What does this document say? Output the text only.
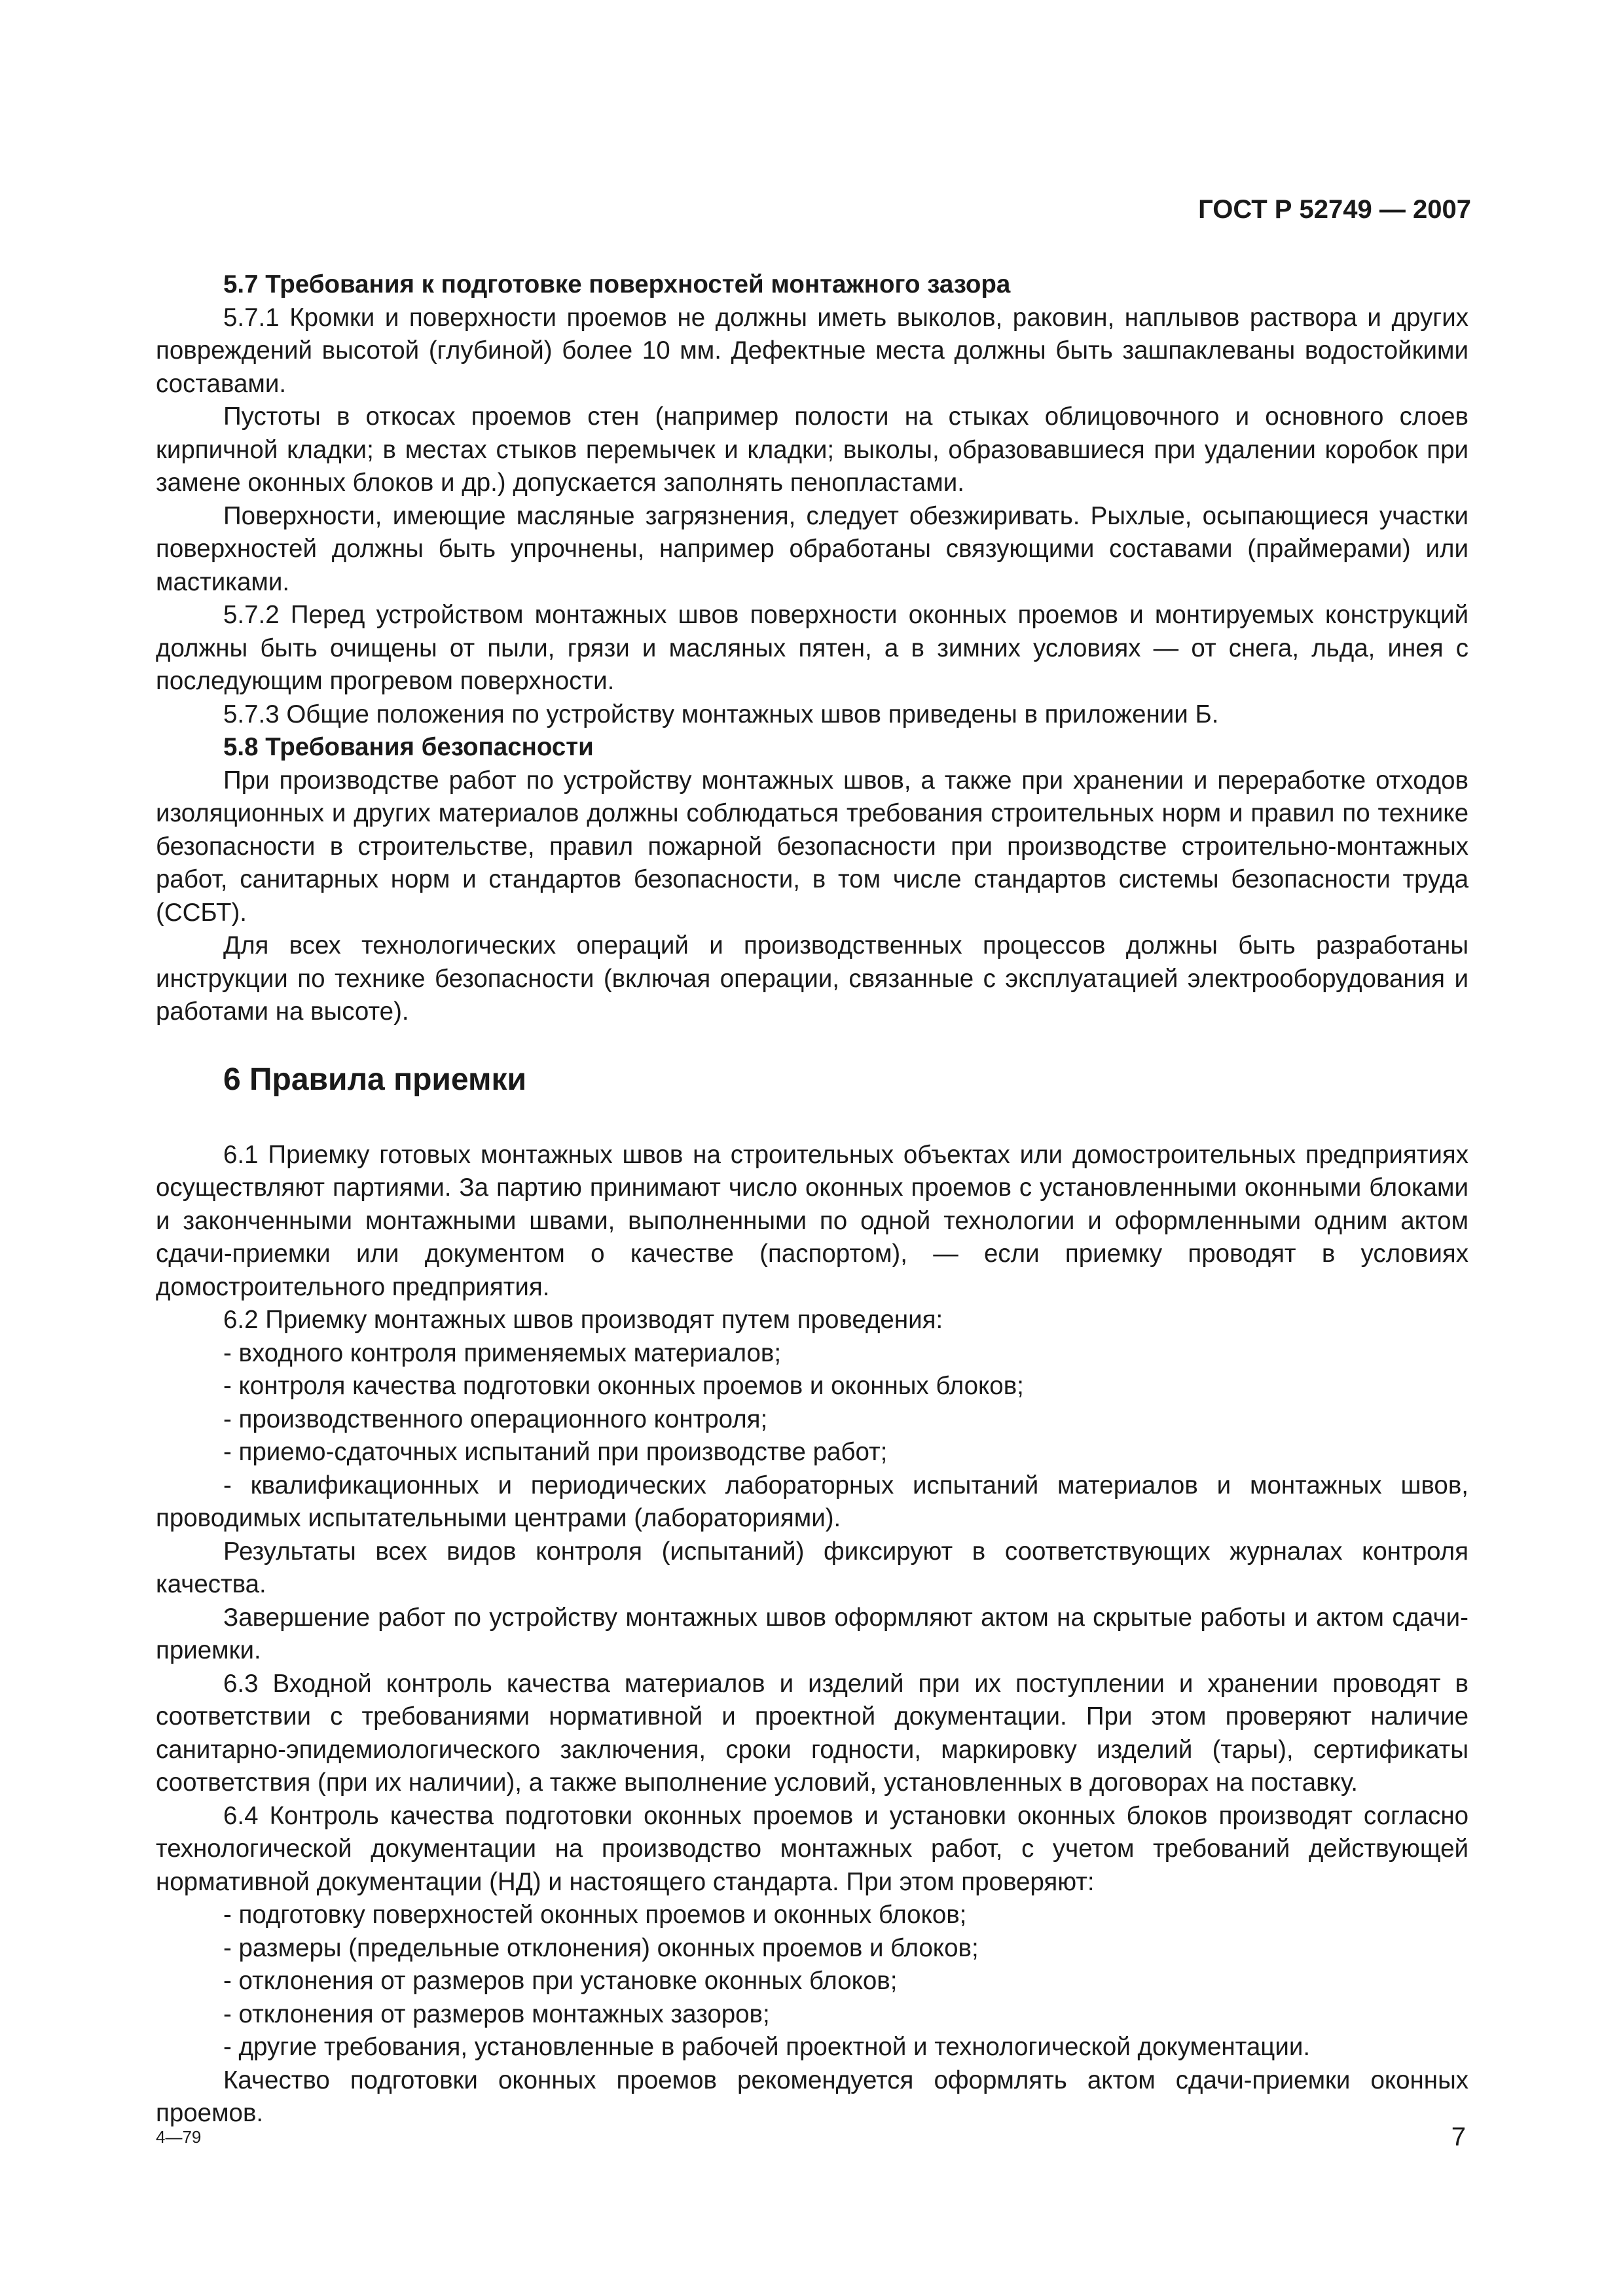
ГОСТ Р 52749 — 2007

5.7 Требования к подготовке поверхностей монтажного зазора

5.7.1 Кромки и поверхности проемов не должны иметь выколов, раковин, наплывов раствора и других повреждений высотой (глубиной) более 10 мм. Дефектные места должны быть зашпаклеваны водостойкими составами.

Пустоты в откосах проемов стен (например полости на стыках облицовочного и основного слоев кирпичной кладки; в местах стыков перемычек и кладки; выколы, образовавшиеся при удалении коробок при замене оконных блоков и др.) допускается заполнять пенопластами.

Поверхности, имеющие масляные загрязнения, следует обезжиривать. Рыхлые, осыпающиеся участки поверхностей должны быть упрочнены, например обработаны связующими составами (праймерами) или мастиками.

5.7.2 Перед устройством монтажных швов поверхности оконных проемов и монтируемых конструкций должны быть очищены от пыли, грязи и масляных пятен, а в зимних условиях — от снега, льда, инея с последующим прогревом поверхности.

5.7.3 Общие положения по устройству монтажных швов приведены в приложении Б.

5.8 Требования безопасности

При производстве работ по устройству монтажных швов, а также при хранении и переработке отходов изоляционных и других материалов должны соблюдаться требования строительных норм и правил по технике безопасности в строительстве, правил пожарной безопасности при производстве строительно-монтажных работ, санитарных норм и стандартов безопасности, в том числе стандартов системы безопасности труда (ССБТ).

Для всех технологических операций и производственных процессов должны быть разработаны инструкции по технике безопасности (включая операции, связанные с эксплуатацией электрооборудования и работами на высоте).

6 Правила приемки

6.1 Приемку готовых монтажных швов на строительных объектах или домостроительных предприятиях осуществляют партиями. За партию принимают число оконных проемов с установленными оконными блоками и законченными монтажными швами, выполненными по одной технологии и оформленными одним актом сдачи-приемки или документом о качестве (паспортом), — если приемку проводят в условиях домостроительного предприятия.

6.2 Приемку монтажных швов производят путем проведения:

- входного контроля применяемых материалов;

- контроля качества подготовки оконных проемов и оконных блоков;

- производственного операционного контроля;

- приемо-сдаточных испытаний при производстве работ;

- квалификационных и периодических лабораторных испытаний материалов и монтажных швов, проводимых испытательными центрами (лабораториями).

Результаты всех видов контроля (испытаний) фиксируют в соответствующих журналах контроля качества.

Завершение работ по устройству монтажных швов оформляют актом на скрытые работы и актом сдачи-приемки.

6.3 Входной контроль качества материалов и изделий при их поступлении и хранении проводят в соответствии с требованиями нормативной и проектной документации. При этом проверяют наличие санитарно-эпидемиологического заключения, сроки годности, маркировку изделий (тары), сертификаты соответствия (при их наличии), а также выполнение условий, установленных в договорах на поставку.

6.4 Контроль качества подготовки оконных проемов и установки оконных блоков производят согласно технологической документации на производство монтажных работ, с учетом требований действующей нормативной документации (НД) и настоящего стандарта. При этом проверяют:

- подготовку поверхностей оконных проемов и оконных блоков;

- размеры (предельные отклонения) оконных проемов и блоков;

- отклонения от размеров при установке оконных блоков;

- отклонения от размеров монтажных зазоров;

- другие требования, установленные в рабочей проектной и технологической документации.

Качество подготовки оконных проемов рекомендуется оформлять актом сдачи-приемки оконных проемов.

4—79	7
